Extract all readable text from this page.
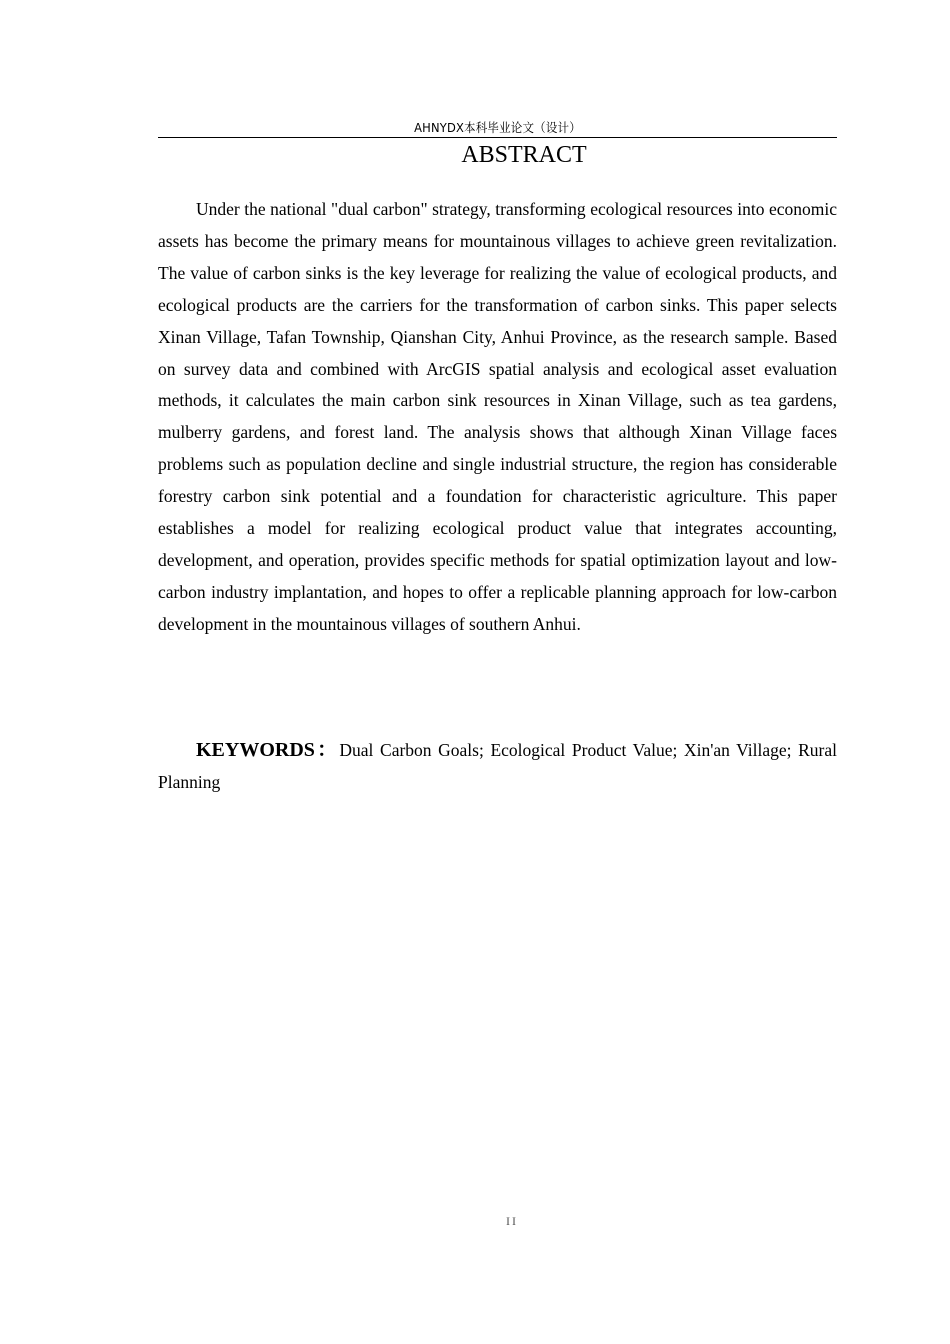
AHNYDX本科毕业论文（设计）
ABSTRACT

Under the national "dual carbon" strategy, transforming ecological resources into economic assets has become the primary means for mountainous villages to achieve green revitalization. The value of carbon sinks is the key leverage for realizing the value of ecological products, and ecological products are the carriers for the transformation of carbon sinks. This paper selects Xinan Village, Tafan Township, Qianshan City, Anhui Province, as the research sample. Based on survey data and combined with ArcGIS spatial analysis and ecological asset evaluation methods, it calculates the main carbon sink resources in Xinan Village, such as tea gardens, mulberry gardens, and forest land. The analysis shows that although Xinan Village faces problems such as population decline and single industrial structure, the region has considerable forestry carbon sink potential and a foundation for characteristic agriculture. This paper establishes a model for realizing ecological product value that integrates accounting, development, and operation, provides specific methods for spatial optimization layout and low-carbon industry implantation, and hopes to offer a replicable planning approach for low-carbon development in the mountainous villages of southern Anhui.

KEYWORDS：Dual Carbon Goals; Ecological Product Value; Xin'an Village; Rural Planning

II
